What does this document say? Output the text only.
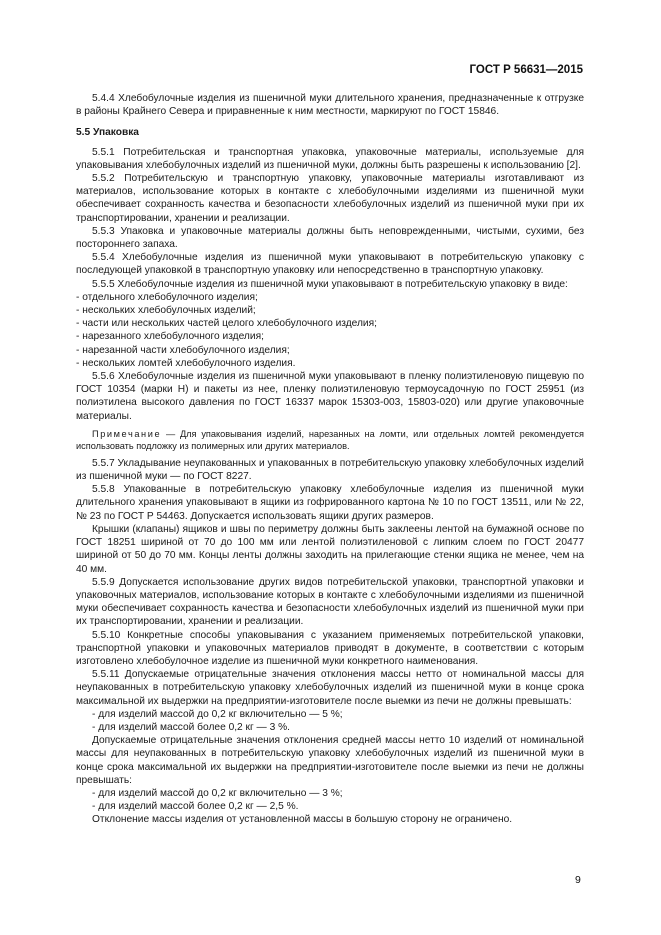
ГОСТ Р 56631—2015

5.4.4 Хлебобулочные изделия из пшеничной муки длительного хранения, предназначенные к отгрузке в районы Крайнего Севера и приравненные к ним местности, маркируют по ГОСТ 15846.

5.5 Упаковка

5.5.1 Потребительская и транспортная упаковка, упаковочные материалы, используемые для упаковывания хлебобулочных изделий из пшеничной муки, должны быть разрешены к использованию [2].

5.5.2 Потребительскую и транспортную упаковку, упаковочные материалы изготавливают из материалов, использование которых в контакте с хлебобулочными изделиями из пшеничной муки обеспечивает сохранность качества и безопасности хлебобулочных изделий из пшеничной муки при их транспортировании, хранении и реализации.

5.5.3 Упаковка и упаковочные материалы должны быть неповрежденными, чистыми, сухими, без постороннего запаха.

5.5.4 Хлебобулочные изделия из пшеничной муки упаковывают в потребительскую упаковку с последующей упаковкой в транспортную упаковку или непосредственно в транспортную упаковку.

5.5.5 Хлебобулочные изделия из пшеничной муки упаковывают в потребительскую упаковку в виде:

- отдельного хлебобулочного изделия;

- нескольких хлебобулочных изделий;

- части или нескольких частей целого хлебобулочного изделия;

- нарезанного хлебобулочного изделия;

- нарезанной части хлебобулочного изделия;

- нескольких ломтей хлебобулочного изделия.

5.5.6 Хлебобулочные изделия из пшеничной муки упаковывают в пленку полиэтиленовую пищевую по ГОСТ 10354 (марки Н) и пакеты из нее, пленку полиэтиленовую термоусадочную по ГОСТ 25951 (из полиэтилена высокого давления по ГОСТ 16337 марок 15303-003, 15803-020) или другие упаковочные материалы.

Примечание — Для упаковывания изделий, нарезанных на ломти, или отдельных ломтей рекомендуется использовать подложку из полимерных или других материалов.

5.5.7 Укладывание неупакованных и упакованных в потребительскую упаковку хлебобулочных изделий из пшеничной муки — по ГОСТ 8227.

5.5.8 Упакованные в потребительскую упаковку хлебобулочные изделия из пшеничной муки длительного хранения упаковывают в ящики из гофрированного картона № 10 по ГОСТ 13511, или № 22, № 23 по ГОСТ Р 54463. Допускается использовать ящики других размеров.

Крышки (клапаны) ящиков и швы по периметру должны быть заклеены лентой на бумажной основе по ГОСТ 18251 шириной от 70 до 100 мм или лентой полиэтиленовой с липким слоем по ГОСТ 20477 шириной от 50 до 70 мм. Концы ленты должны заходить на прилегающие стенки ящика не менее, чем на 40 мм.

5.5.9 Допускается использование других видов потребительской упаковки, транспортной упаковки и упаковочных материалов, использование которых в контакте с хлебобулочными изделиями из пшеничной муки обеспечивает сохранность качества и безопасности хлебобулочных изделий из пшеничной муки при их транспортировании, хранении и реализации.

5.5.10 Конкретные способы упаковывания с указанием применяемых потребительской упаковки, транспортной упаковки и упаковочных материалов приводят в документе, в соответствии с которым изготовлено хлебобулочное изделие из пшеничной муки конкретного наименования.

5.5.11 Допускаемые отрицательные значения отклонения массы нетто от номинальной массы для неупакованных в потребительскую упаковку хлебобулочных изделий из пшеничной муки в конце срока максимальной их выдержки на предприятии-изготовителе после выемки из печи не должны превышать:

- для изделий массой до 0,2 кг включительно — 5 %;

- для изделий массой более 0,2 кг — 3 %.

Допускаемые отрицательные значения отклонения средней массы нетто 10 изделий от номинальной массы для неупакованных в потребительскую упаковку хлебобулочных изделий из пшеничной муки в конце срока максимальной их выдержки на предприятии-изготовителе после выемки из печи не должны превышать:

- для изделий массой до 0,2 кг включительно — 3 %;

- для изделий массой более 0,2 кг — 2,5 %.

Отклонение массы изделия от установленной массы в большую сторону не ограничено.

9
